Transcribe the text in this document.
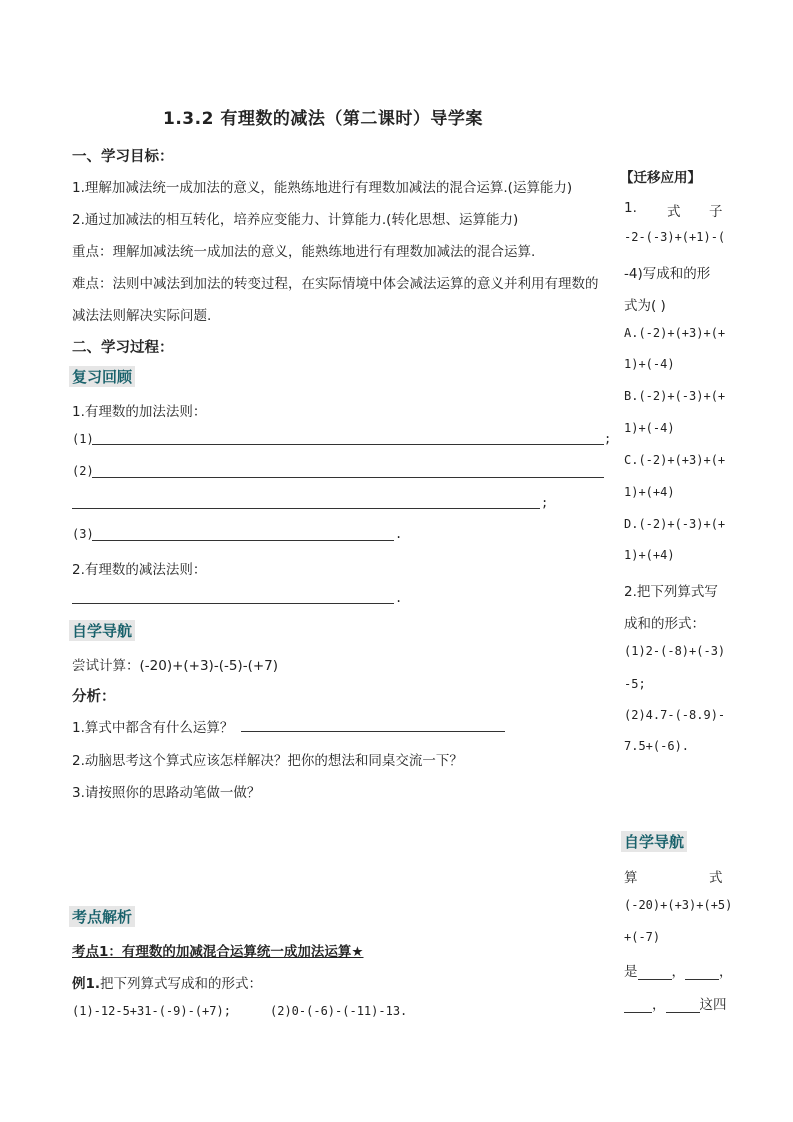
1.3.2 有理数的减法（第二课时）导学案
一、学习目标：
1.理解加减法统一成加法的意义，能熟练地进行有理数加减法的混合运算.(运算能力)
2.通过加减法的相互转化，培养应变能力、计算能力.(转化思想、运算能力)
重点：理解加减法统一成加法的意义，能熟练地进行有理数加减法的混合运算.
难点：法则中减法到加法的转变过程，在实际情境中体会减法运算的意义并利用有理数的
减法法则解决实际问题.
二、学习过程：
复习回顾
1.有理数的加法法则：
(1)	;
(2)
;
(3)	.
2.有理数的减法法则：
.
自学导航
尝试计算：(-20)+(+3)-(-5)-(+7)
分析：
1.算式中都含有什么运算？
2.动脑思考这个算式应该怎样解决？把你的想法和同桌交流一下？
3.请按照你的思路动笔做一做？
考点解析
考点1：有理数的加减混合运算统一成加法运算★
例1.把下列算式写成和的形式：
(1)-12-5+31-(-9)-(+7);	(2)0-(-6)-(-11)-13.
【迁移应用】
1. 式 子
-2-(-3)+(+1)-(
-4)写成和的形
式为( )
A.(-2)+(+3)+(+
1)+(-4)
B.(-2)+(-3)+(+
1)+(-4)
C.(-2)+(+3)+(+
1)+(+4)
D.(-2)+(-3)+(+
1)+(+4)
2.把下列算式写
成和的形式：
(1)2-(-8)+(-3)
-5;
(2)4.7-(-8.9)-
7.5+(-6).
自学导航
算	式
(-20)+(+3)+(+5)
+(-7)
是	，	，
，	这四
